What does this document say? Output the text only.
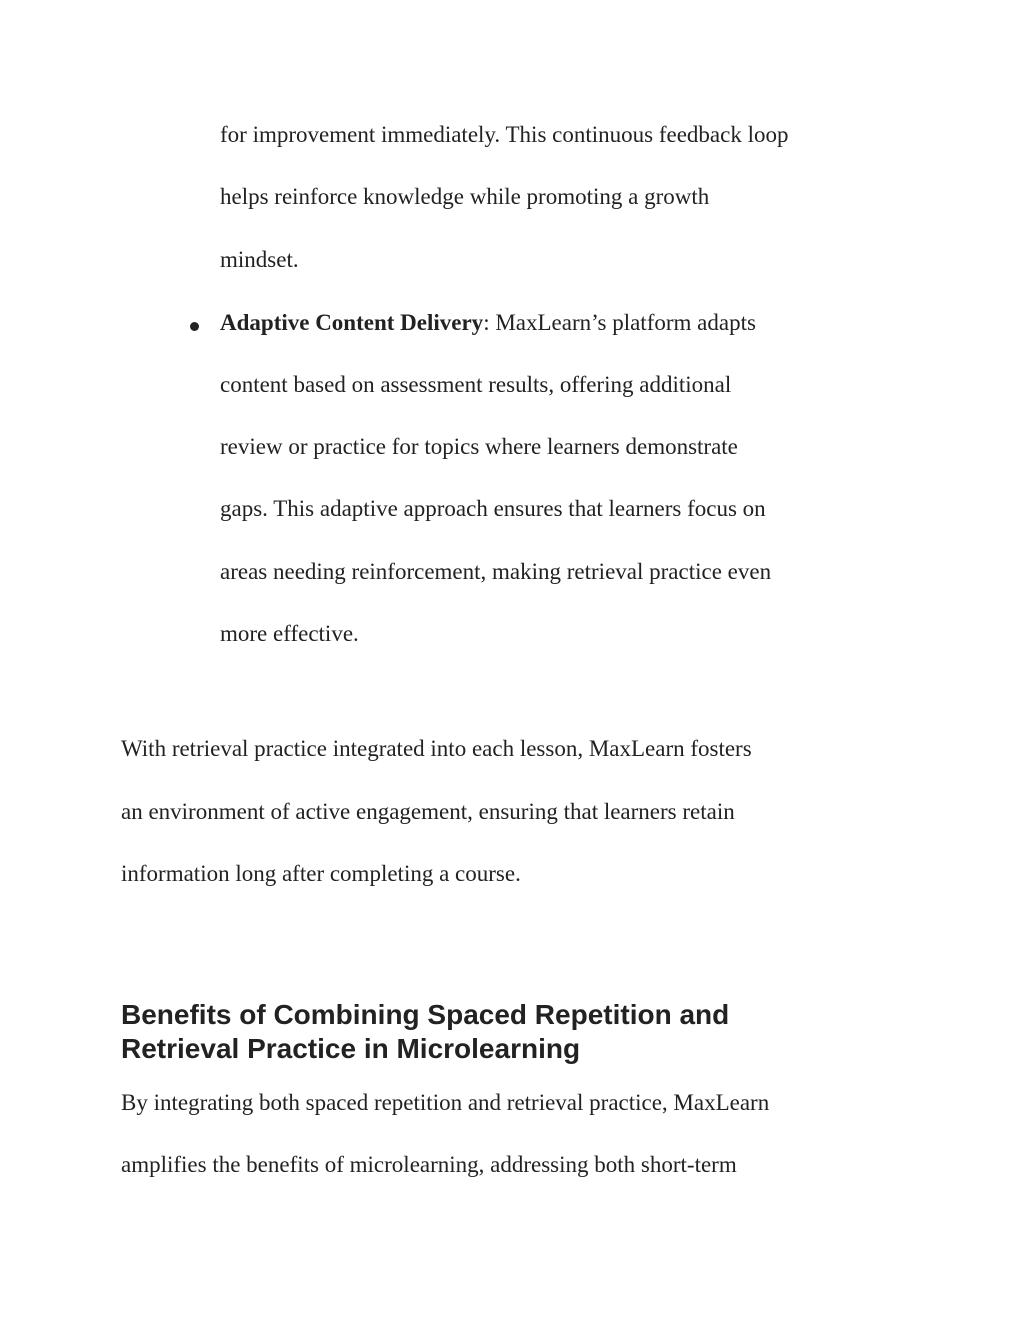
for improvement immediately. This continuous feedback loop

helps reinforce knowledge while promoting a growth

mindset.

Adaptive Content Delivery: MaxLearn’s platform adapts

content based on assessment results, offering additional

review or practice for topics where learners demonstrate

gaps. This adaptive approach ensures that learners focus on

areas needing reinforcement, making retrieval practice even

more effective.

With retrieval practice integrated into each lesson, MaxLearn fosters

an environment of active engagement, ensuring that learners retain

information long after completing a course.

Benefits of Combining Spaced Repetition and
Retrieval Practice in Microlearning

By integrating both spaced repetition and retrieval practice, MaxLearn

amplifies the benefits of microlearning, addressing both short-term
